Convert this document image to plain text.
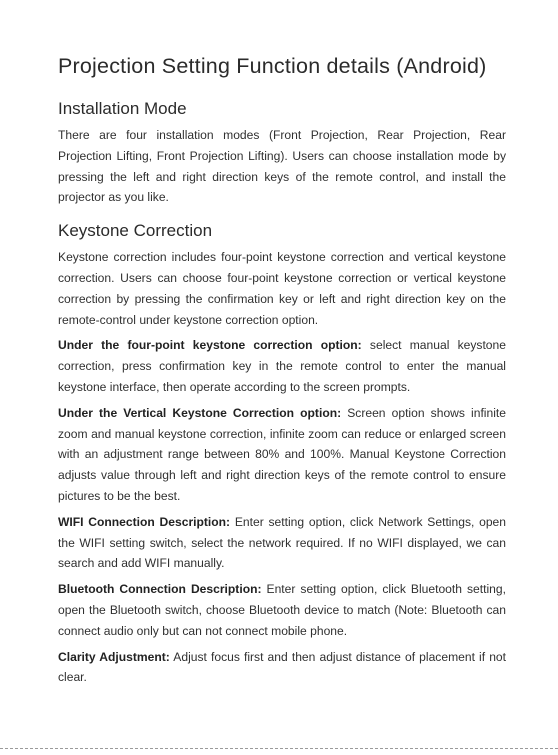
Projection Setting Function details (Android)
Installation Mode

There are four installation modes (Front Projection, Rear Projection, Rear Projection Lifting, Front Projection Lifting). Users can choose installation mode by pressing the left and right direction keys of the remote control, and install the projector as you like.

Keystone Correction

Keystone correction includes four-point keystone correction and vertical keystone correction. Users can choose four-point keystone correction or vertical keystone correction by pressing the confirmation key or left and right direction key on the remote-control under keystone correction option.

Under the four-point keystone correction option: select manual keystone correction, press confirmation key in the remote control to enter the manual keystone interface, then operate according to the screen prompts.

Under the Vertical Keystone Correction option: Screen option shows infinite zoom and manual keystone correction, infinite zoom can reduce or enlarged screen with an adjustment range between 80% and 100%. Manual Keystone Correction adjusts value through left and right direction keys of the remote control to ensure pictures to be the best.

WIFI Connection Description: Enter setting option, click Network Settings, open the WIFI setting switch, select the network required. If no WIFI displayed, we can search and add WIFI manually.

Bluetooth Connection Description: Enter setting option, click Bluetooth setting, open the Bluetooth switch, choose Bluetooth device to match (Note: Bluetooth can connect audio only but can not connect mobile phone.

Clarity Adjustment: Adjust focus first and then adjust distance of placement if not clear.
